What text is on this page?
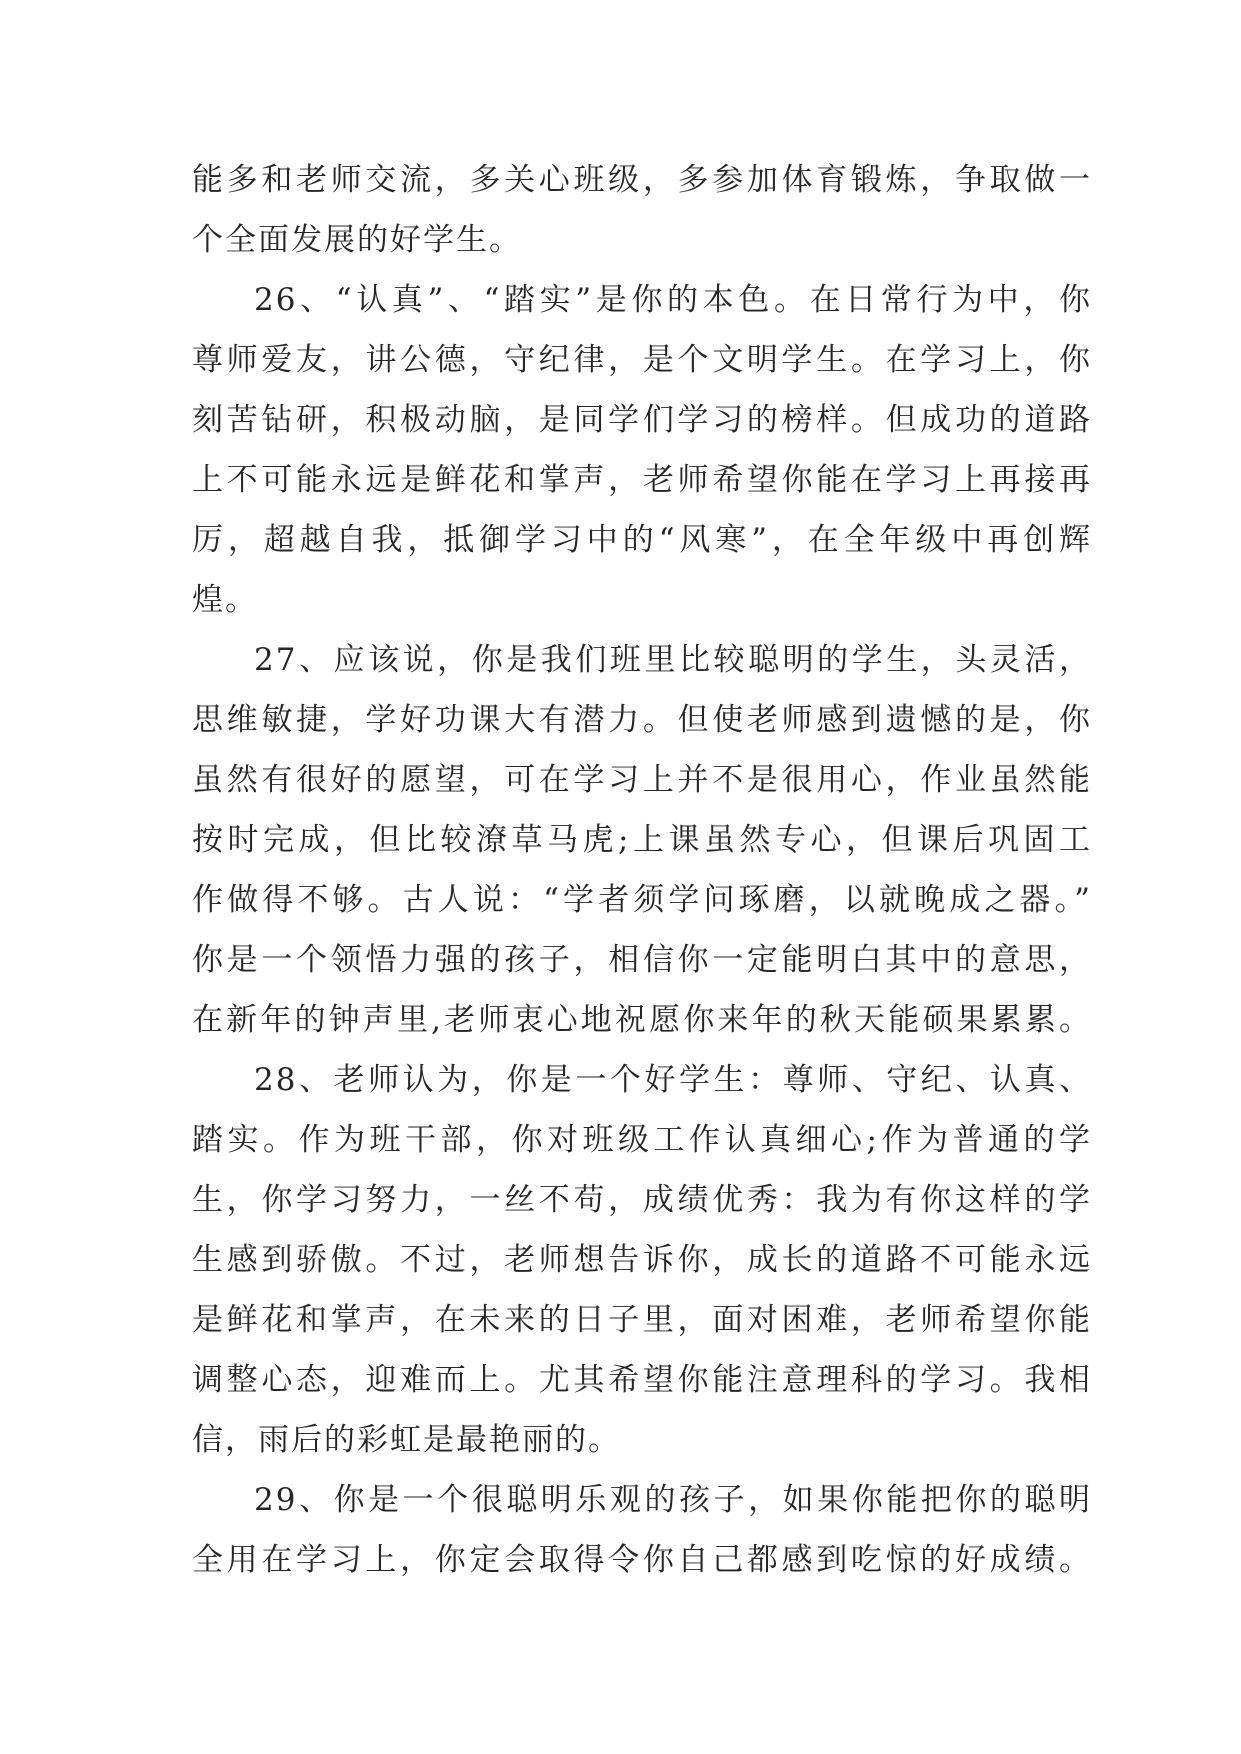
能多和老师交流，多关心班级，多参加体育锻炼，争取做一
个全面发展的好学生。
26、“认真”、“踏实”是你的本色。在日常行为中，你
尊师爱友，讲公德，守纪律，是个文明学生。在学习上，你
刻苦钻研，积极动脑，是同学们学习的榜样。但成功的道路
上不可能永远是鲜花和掌声，老师希望你能在学习上再接再
厉，超越自我，抵御学习中的“风寒”，在全年级中再创辉
煌。
27、应该说，你是我们班里比较聪明的学生，头灵活，
思维敏捷，学好功课大有潜力。但使老师感到遗憾的是，你
虽然有很好的愿望，可在学习上并不是很用心，作业虽然能
按时完成，但比较潦草马虎;上课虽然专心，但课后巩固工
作做得不够。古人说：“学者须学问琢磨，以就晚成之器。”
你是一个领悟力强的孩子，相信你一定能明白其中的意思，
在新年的钟声里,老师衷心地祝愿你来年的秋天能硕果累累。
28、老师认为，你是一个好学生：尊师、守纪、认真、
踏实。作为班干部，你对班级工作认真细心;作为普通的学
生，你学习努力，一丝不苟，成绩优秀：我为有你这样的学
生感到骄傲。不过，老师想告诉你，成长的道路不可能永远
是鲜花和掌声，在未来的日子里，面对困难，老师希望你能
调整心态，迎难而上。尤其希望你能注意理科的学习。我相
信，雨后的彩虹是最艳丽的。
29、你是一个很聪明乐观的孩子，如果你能把你的聪明
全用在学习上，你定会取得令你自己都感到吃惊的好成绩。
